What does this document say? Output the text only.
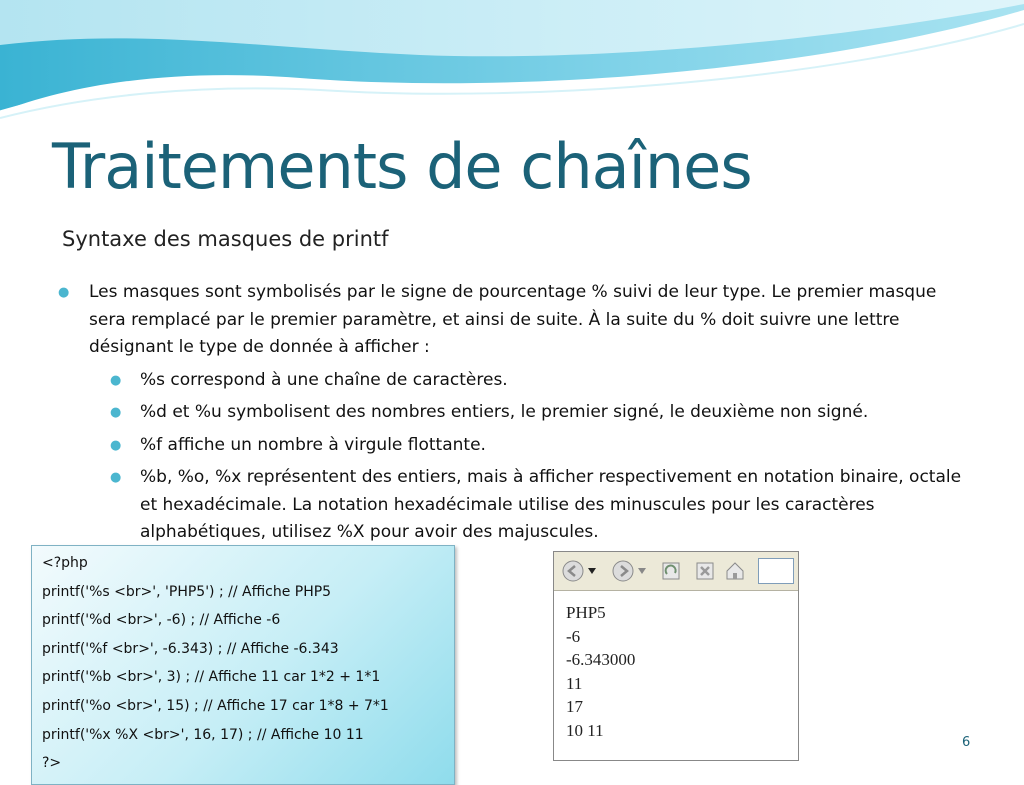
Traitements de chaînes
Syntaxe des masques de printf

● Les masques sont symbolisés par le signe de pourcentage % suivi de leur type. Le premier masque sera remplacé par le premier paramètre, et ainsi de suite. À la suite du % doit suivre une lettre désignant le type de donnée à afficher :

● %s correspond à une chaîne de caractères.

● %d et %u symbolisent des nombres entiers, le premier signé, le deuxième non signé.

● %f affiche un nombre à virgule flottante.

● %b, %o, %x représentent des entiers, mais à afficher respectivement en notation binaire, octale et hexadécimale. La notation hexadécimale utilise des minuscules pour les caractères alphabétiques, utilisez %X pour avoir des majuscules.

<?php
printf('%s <br>', 'PHP5') ; // Affiche PHP5
printf('%d <br>', -6) ; // Affiche -6
printf('%f <br>', -6.343) ; // Affiche -6.343
printf('%b <br>', 3) ; // Affiche 11 car 1*2 + 1*1
printf('%o <br>', 15) ; // Affiche 17 car 1*8 + 7*1
printf('%x %X <br>', 16, 17) ; // Affiche 10 11
?>
PHP5
-6
-6.343000
11
17
10 11
6
